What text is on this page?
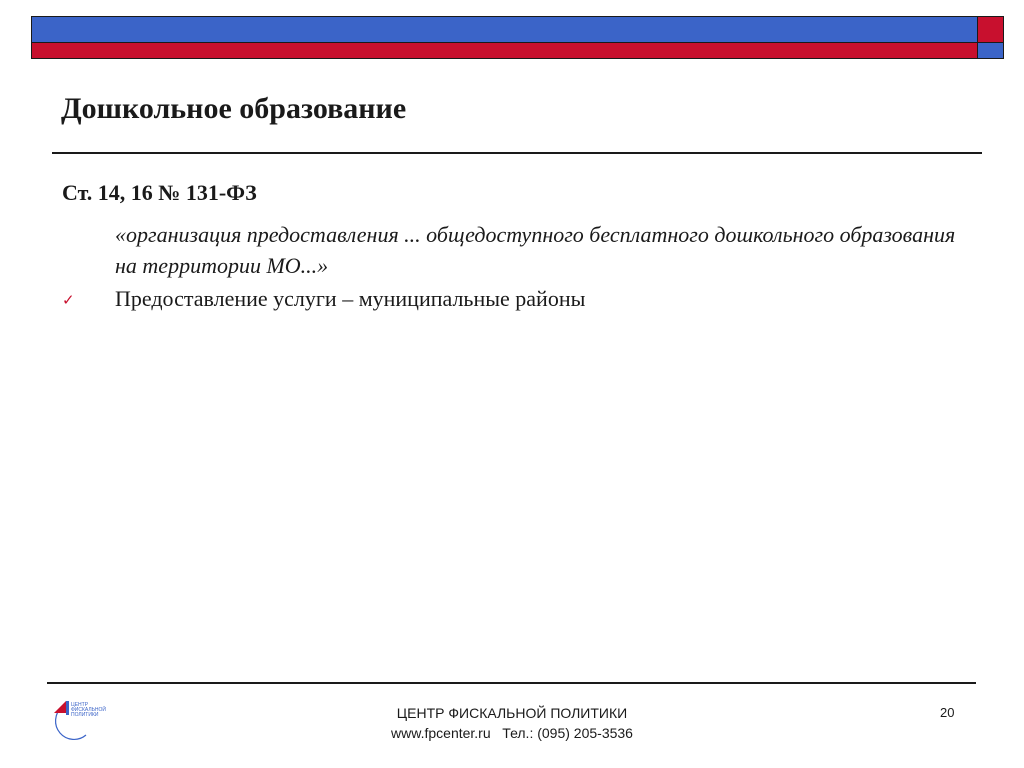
Дошкольное образование
Ст. 14, 16 № 131-ФЗ
«организация предоставления ... общедоступного бесплатного дошкольного образования на территории МО...»
✓ Предоставление услуги – муниципальные районы
ЦЕНТР
ФИСКАЛЬНОЙ
ПОЛИТИКИ	ЦЕНТР ФИСКАЛЬНОЙ ПОЛИТИКИ
www.fpcenter.ru   Тел.: (095) 205-3536
20
